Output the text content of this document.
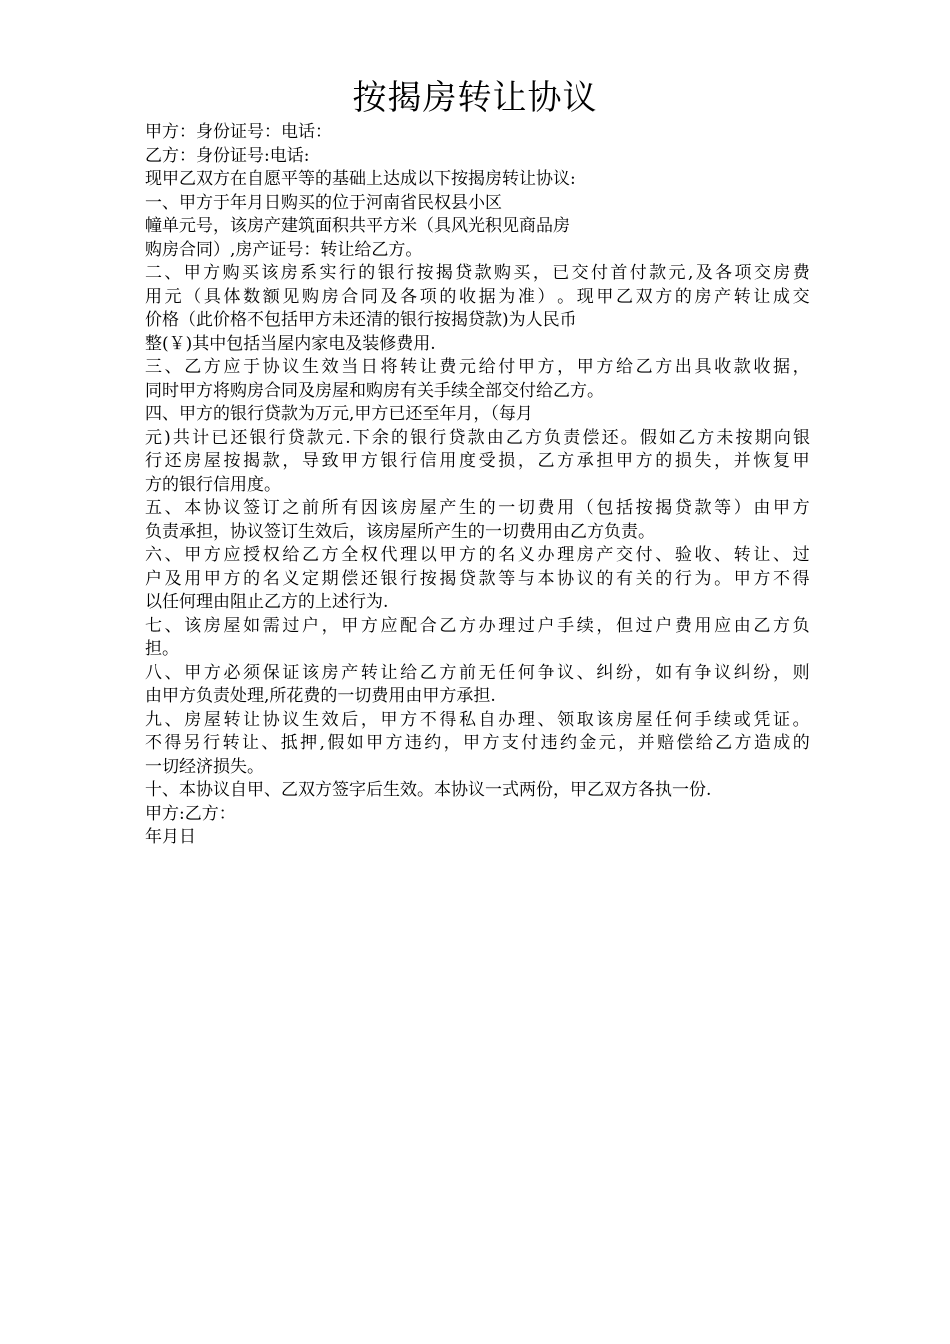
按揭房转让协议
甲方：身份证号：电话：
乙方：身份证号:电话:
现甲乙双方在自愿平等的基础上达成以下按揭房转让协议:
一、甲方于年月日购买的位于河南省民权县小区
幢单元号，该房产建筑面积共平方米（具风光积见商品房
购房合同）,房产证号：转让给乙方。
二 、 甲 方 购 买 该 房 系 实 行 的 银 行 按 揭 贷 款 购 买 ， 已 交 付 首 付 款 元 , 及 各 项 交 房 费
用 元 （ 具 体 数 额 见 购 房 合 同 及 各 项 的 收 据 为 准 ） 。 现 甲 乙 双 方 的 房 产 转 让 成 交
价格（此价格不包括甲方未还清的银行按揭贷款)为人民币
整(￥)其中包括当屋内家电及装修费用.
三 、 乙 方 应 于 协 议 生 效 当 日 将 转 让 费 元 给 付 甲 方 ， 甲 方 给 乙 方 出 具 收 款 收 据 ，
同时甲方将购房合同及房屋和购房有关手续全部交付给乙方。
四、甲方的银行贷款为万元,甲方已还至年月，（每月
元 ) 共 计 已 还 银 行 贷 款 元 . 下 余 的 银 行 贷 款 由 乙 方 负 责 偿 还 。 假 如 乙 方 未 按 期 向 银
行 还 房 屋 按 揭 款 ， 导 致 甲 方 银 行 信 用 度 受 损 ， 乙 方 承 担 甲 方 的 损 失 ， 并 恢 复 甲
方的银行信用度。
五 、 本 协 议 签 订 之 前 所 有 因 该 房 屋 产 生 的 一 切 费 用 （ 包 括 按 揭 贷 款 等 ） 由 甲 方
负责承担，协议签订生效后，该房屋所产生的一切费用由乙方负责。
六 、 甲 方 应 授 权 给 乙 方 全 权 代 理 以 甲 方 的 名 义 办 理 房 产 交 付 、 验 收 、 转 让 、 过
户 及 用 甲 方 的 名 义 定 期 偿 还 银 行 按 揭 贷 款 等 与 本 协 议 的 有 关 的 行 为 。 甲 方 不 得
以任何理由阻止乙方的上述行为.
七 、 该 房 屋 如 需 过 户 ， 甲 方 应 配 合 乙 方 办 理 过 户 手 续 ， 但 过 户 费 用 应 由 乙 方 负
担。
八 、 甲 方 必 须 保 证 该 房 产 转 让 给 乙 方 前 无 任 何 争 议 、 纠 纷 ， 如 有 争 议 纠 纷 ， 则
由甲方负责处理,所花费的一切费用由甲方承担.
九 、 房 屋 转 让 协 议 生 效 后 ， 甲 方 不 得 私 自 办 理 、 领 取 该 房 屋 任 何 手 续 或 凭 证 。
不 得 另 行 转 让 、 抵 押 , 假 如 甲 方 违 约 ， 甲 方 支 付 违 约 金 元 ， 并 赔 偿 给 乙 方 造 成 的
一切经济损失。
十、本协议自甲、乙双方签字后生效。本协议一式两份，甲乙双方各执一份.
甲方:乙方：
年月日
